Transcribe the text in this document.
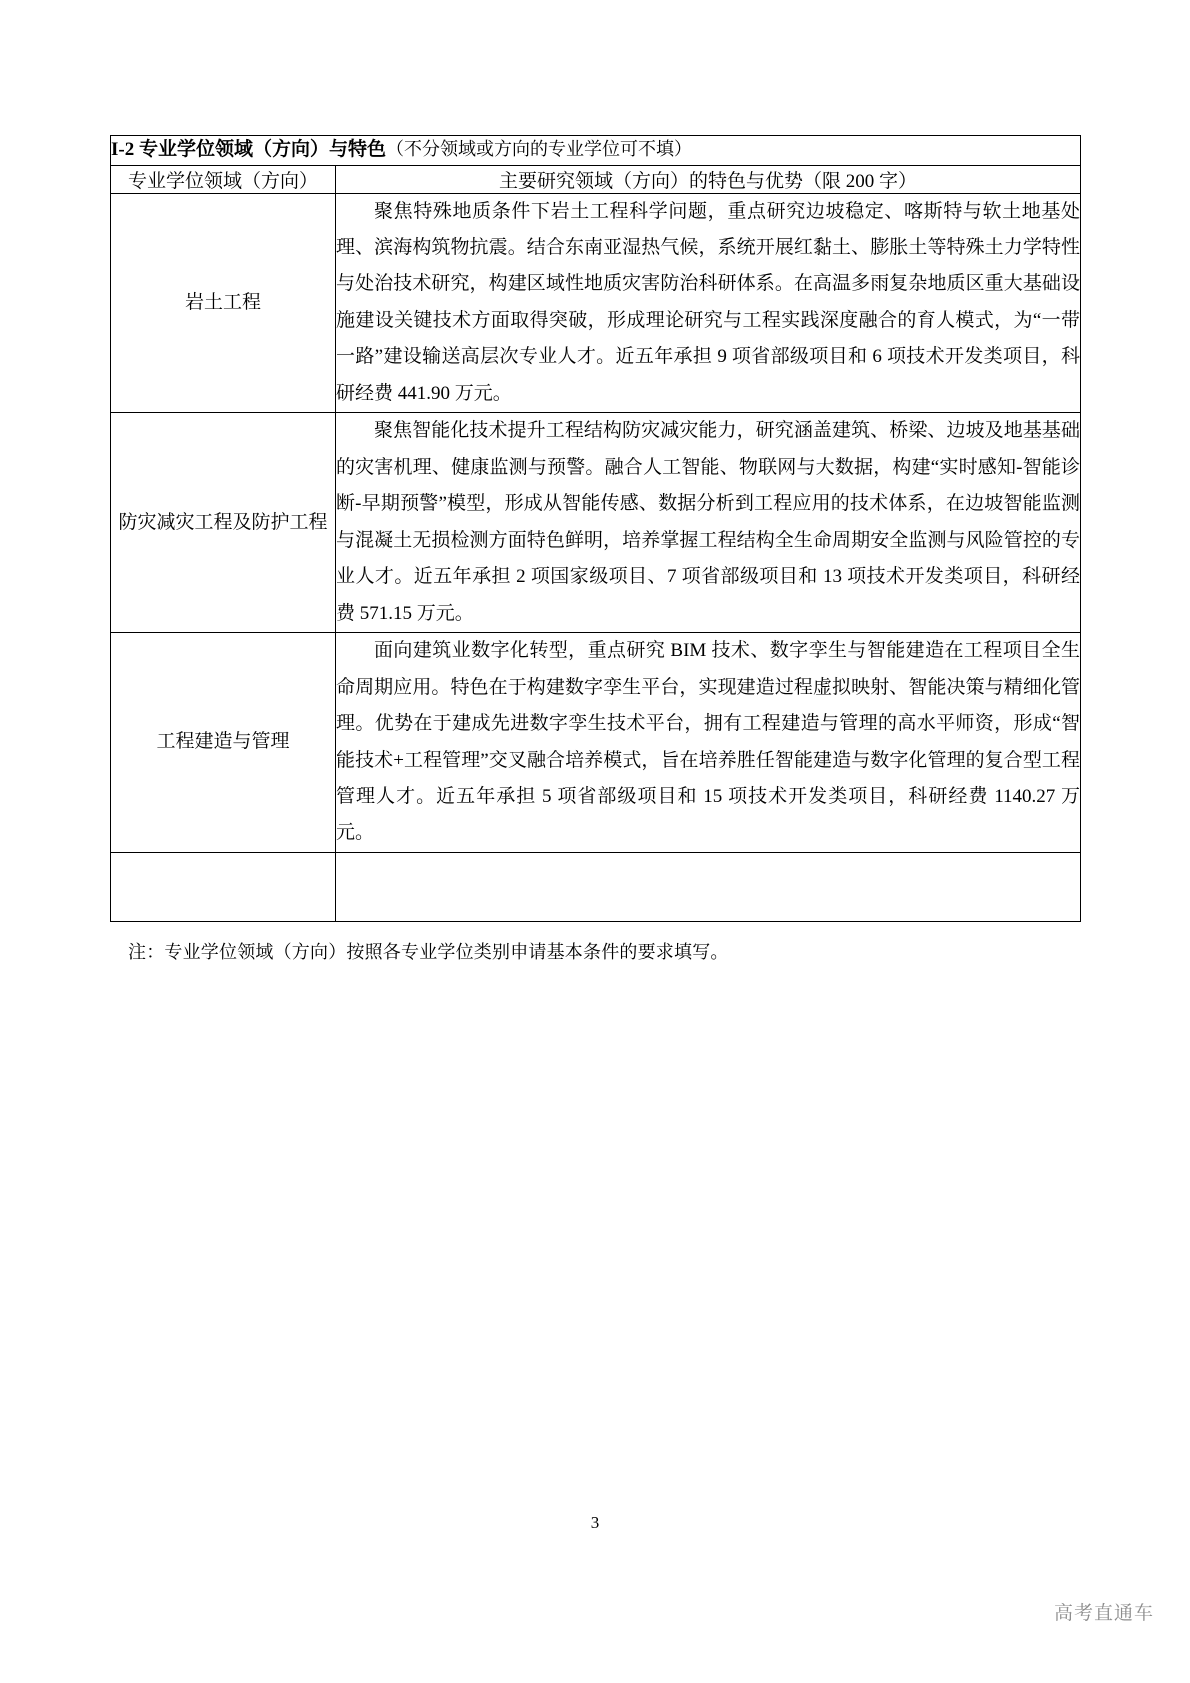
I-2 专业学位领域（方向）与特色（不分领域或方向的专业学位可不填）	
专业学位领域（方向）	主要研究领域（方向）的特色与优势（限 200 字）
岩土工程	聚焦特殊地质条件下岩土工程科学问题，重点研究边坡稳定、喀斯特与软土地基处理、滨海构筑物抗震。结合东南亚湿热气候，系统开展红黏土、膨胀土等特殊土力学特性与处治技术研究，构建区域性地质灾害防治科研体系。在高温多雨复杂地质区重大基础设施建设关键技术方面取得突破，形成理论研究与工程实践深度融合的育人模式，为“一带一路”建设输送高层次专业人才。近五年承担 9 项省部级项目和 6 项技术开发类项目，科研经费 441.90 万元。

防灾减灾工程及防护工程	聚焦智能化技术提升工程结构防灾减灾能力，研究涵盖建筑、桥梁、边坡及地基基础的灾害机理、健康监测与预警。融合人工智能、物联网与大数据，构建“实时感知-智能诊断-早期预警”模型，形成从智能传感、数据分析到工程应用的技术体系，在边坡智能监测与混凝土无损检测方面特色鲜明，培养掌握工程结构全生命周期安全监测与风险管控的专业人才。近五年承担 2 项国家级项目、7 项省部级项目和 13 项技术开发类项目，科研经费 571.15 万元。

工程建造与管理	面向建筑业数字化转型，重点研究 BIM 技术、数字孪生与智能建造在工程项目全生命周期应用。特色在于构建数字孪生平台，实现建造过程虚拟映射、智能决策与精细化管理。优势在于建成先进数字孪生技术平台，拥有工程建造与管理的高水平师资，形成“智能技术+工程管理”交叉融合培养模式，旨在培养胜任智能建造与数字化管理的复合型工程管理人才。近五年承担 5 项省部级项目和 15 项技术开发类项目，科研经费 1140.27 万元。

注：专业学位领域（方向）按照各专业学位类别申请基本条件的要求填写。
3
高考直通车
